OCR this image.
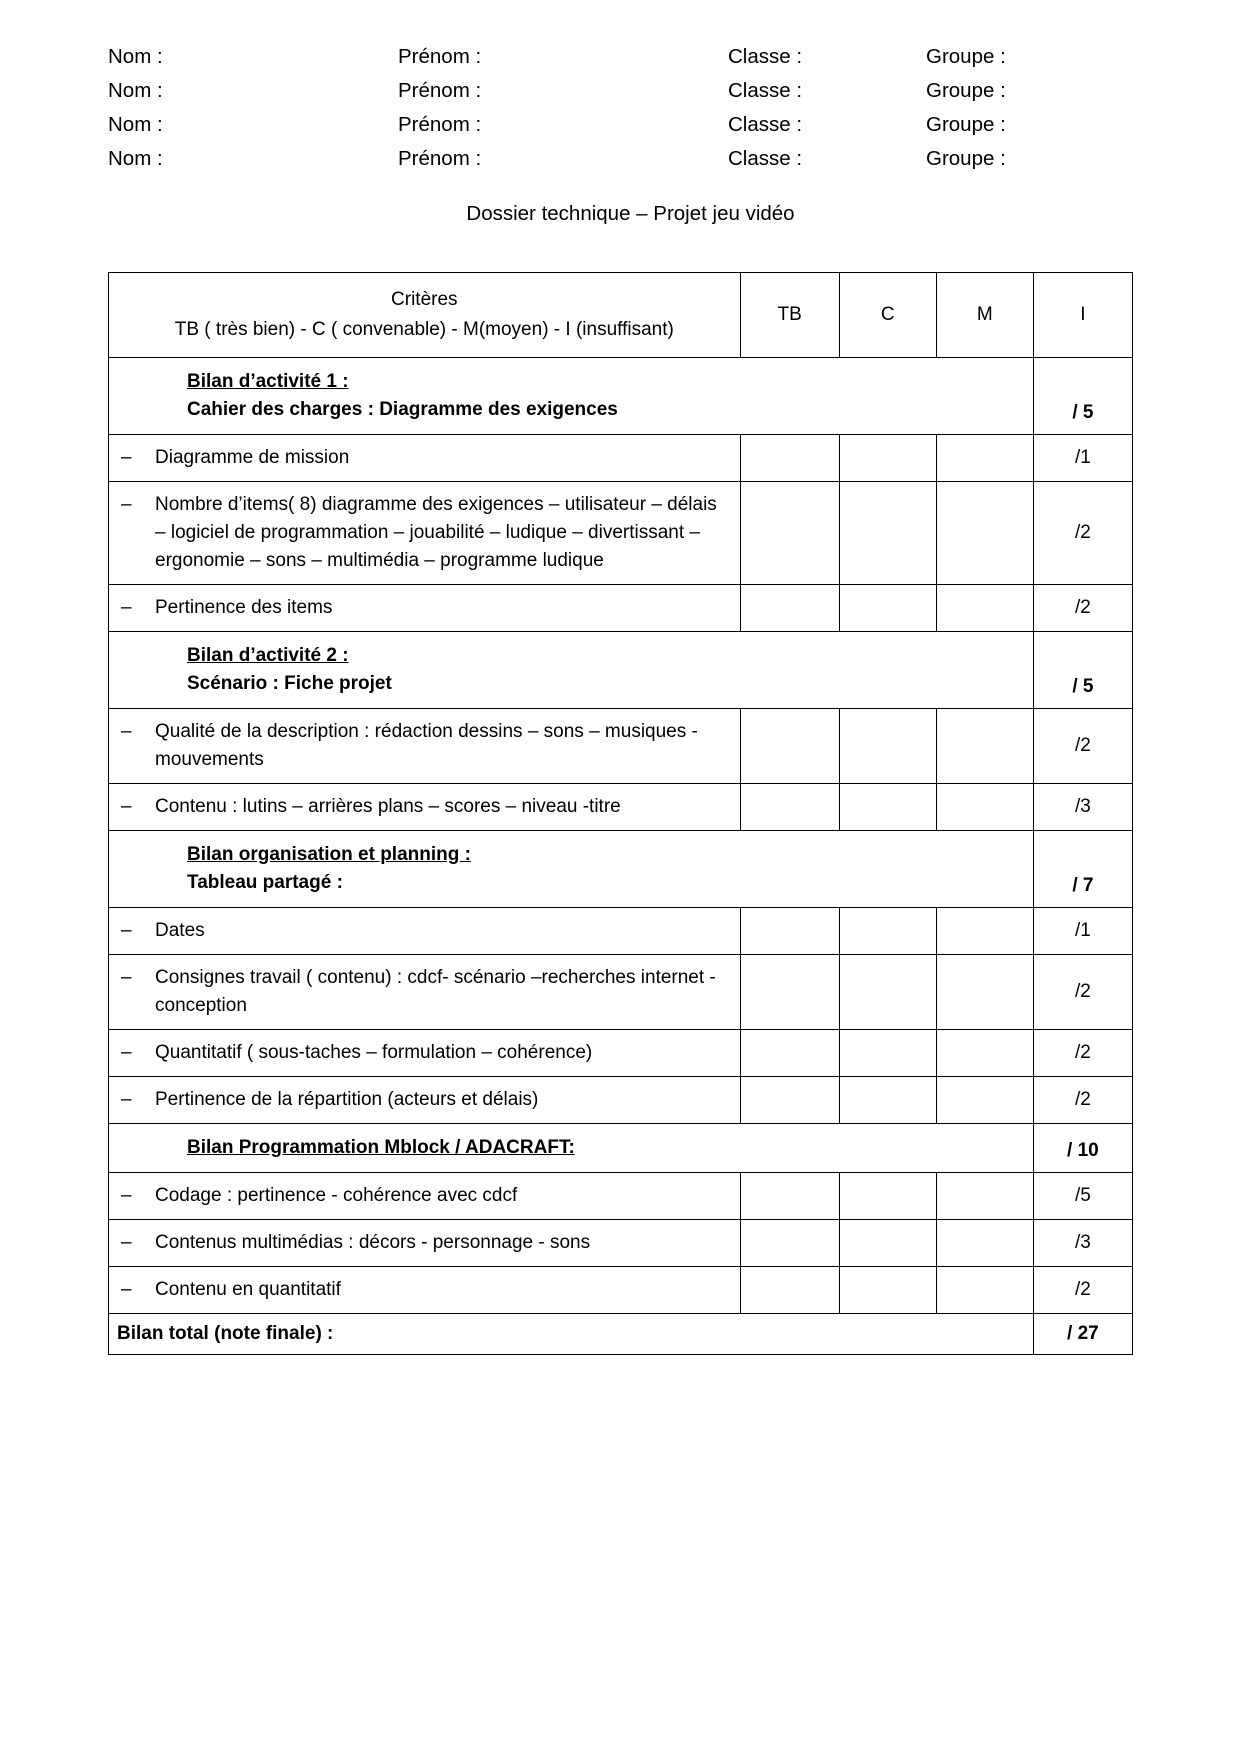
Nom :	Prénom :	Classe :	Groupe :
Nom :	Prénom :	Classe :	Groupe :
Nom :	Prénom :	Classe :	Groupe :
Nom :	Prénom :	Classe :	Groupe :
Dossier technique – Projet jeu vidéo
Critères
TB ( très bien) - C ( convenable) - M(moyen) - I (insuffisant)	TB	C	M	I

Bilan d’activité 1 :
Cahier des charges : Diagramme des exigences				/ 5

– Diagramme de mission				/1

– Nombre d’items( 8) diagramme des exigences – utilisateur – délais – logiciel de programmation – jouabilité – ludique – divertissant – ergonomie – sons – multimédia – programme ludique				/2

– Pertinence des items				/2

Bilan d’activité 2 :
Scénario : Fiche projet				/ 5

– Qualité de la description : rédaction dessins – sons – musiques - mouvements				/2

– Contenu : lutins – arrières plans – scores – niveau -titre				/3

Bilan organisation et planning :
Tableau partagé :				/ 7

– Dates				/1

– Consignes travail ( contenu) : cdcf- scénario –recherches internet - conception				/2

– Quantitatif ( sous-taches – formulation – cohérence)				/2

– Pertinence de la répartition (acteurs et délais)				/2

Bilan Programmation Mblock / ADACRAFT:				/ 10

– Codage : pertinence - cohérence avec cdcf				/5

– Contenus multimédias : décors - personnage - sons				/3

– Contenu en quantitatif				/2
Bilan total (note finale) :				/ 27
